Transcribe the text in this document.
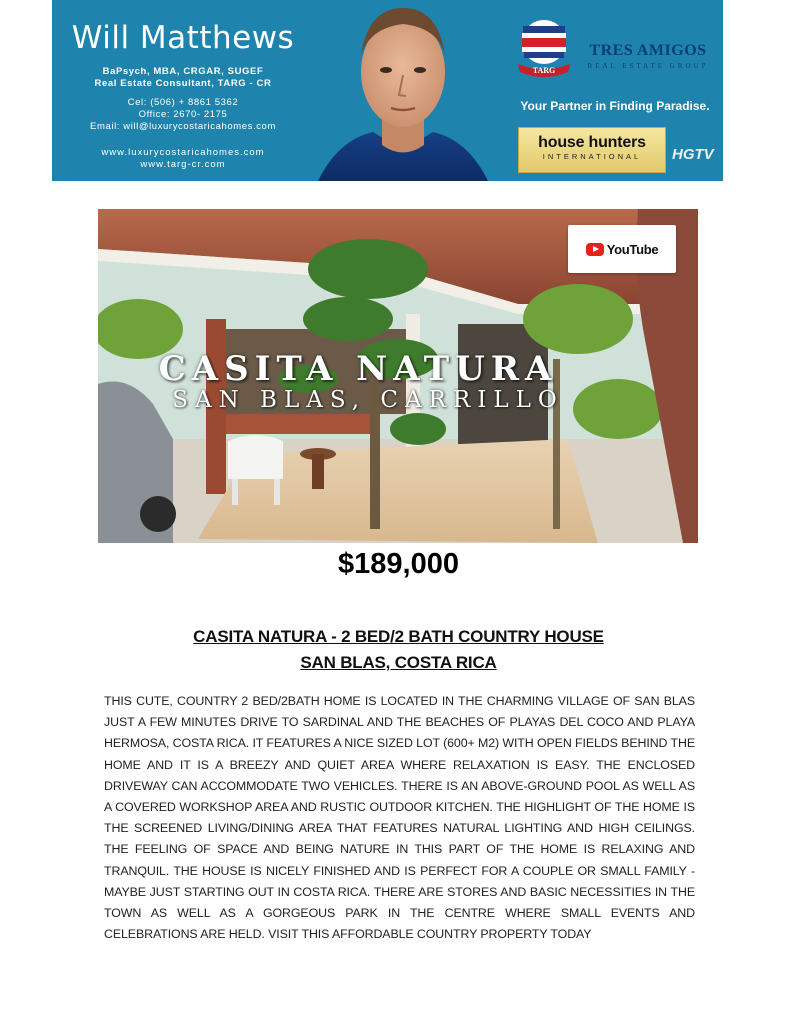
Will Matthews
BaPsych, MBA, CRGAR, SUGEF
Real Estate Consultant, TARG - CR
Cel: (506) + 8861 5362
Office: 2670- 2175
Email: will@luxurycostaricahomes.com
www.luxurycostaricahomes.com
www.targ-cr.com
TARG
TRES AMIGOS
REAL ESTATE GROUP
Your Partner in Finding Paradise.
house hunters
INTERNATIONAL	HGTV
CASITA NATURA
SAN BLAS, CARRILLO
YouTube
$189,000
CASITA NATURA - 2 BED/2 BATH COUNTRY HOUSE
SAN BLAS, COSTA RICA
THIS CUTE, COUNTRY 2 BED/2BATH HOME IS LOCATED IN THE CHARMING VILLAGE OF SAN BLAS JUST A FEW MINUTES DRIVE TO SARDINAL AND THE BEACHES OF PLAYAS DEL COCO AND PLAYA HERMOSA, COSTA RICA. IT FEATURES A NICE SIZED LOT (600+ M2) WITH OPEN FIELDS BEHIND THE HOME AND IT IS A BREEZY AND QUIET AREA WHERE RELAXATION IS EASY. THE ENCLOSED DRIVEWAY CAN ACCOMMODATE TWO VEHICLES. THERE IS AN ABOVE-GROUND POOL AS WELL AS A COVERED WORKSHOP AREA AND RUSTIC OUTDOOR KITCHEN. THE HIGHLIGHT OF THE HOME IS THE SCREENED LIVING/DINING AREA THAT FEATURES NATURAL LIGHTING AND HIGH CEILINGS. THE FEELING OF SPACE AND BEING NATURE IN THIS PART OF THE HOME IS RELAXING AND TRANQUIL. THE HOUSE IS NICELY FINISHED AND IS PERFECT FOR A COUPLE OR SMALL FAMILY - MAYBE JUST STARTING OUT IN COSTA RICA. THERE ARE STORES AND BASIC NECESSITIES IN THE TOWN AS WELL AS A GORGEOUS PARK IN THE CENTRE WHERE SMALL EVENTS AND CELEBRATIONS ARE HELD. VISIT THIS AFFORDABLE COUNTRY PROPERTY TODAY
